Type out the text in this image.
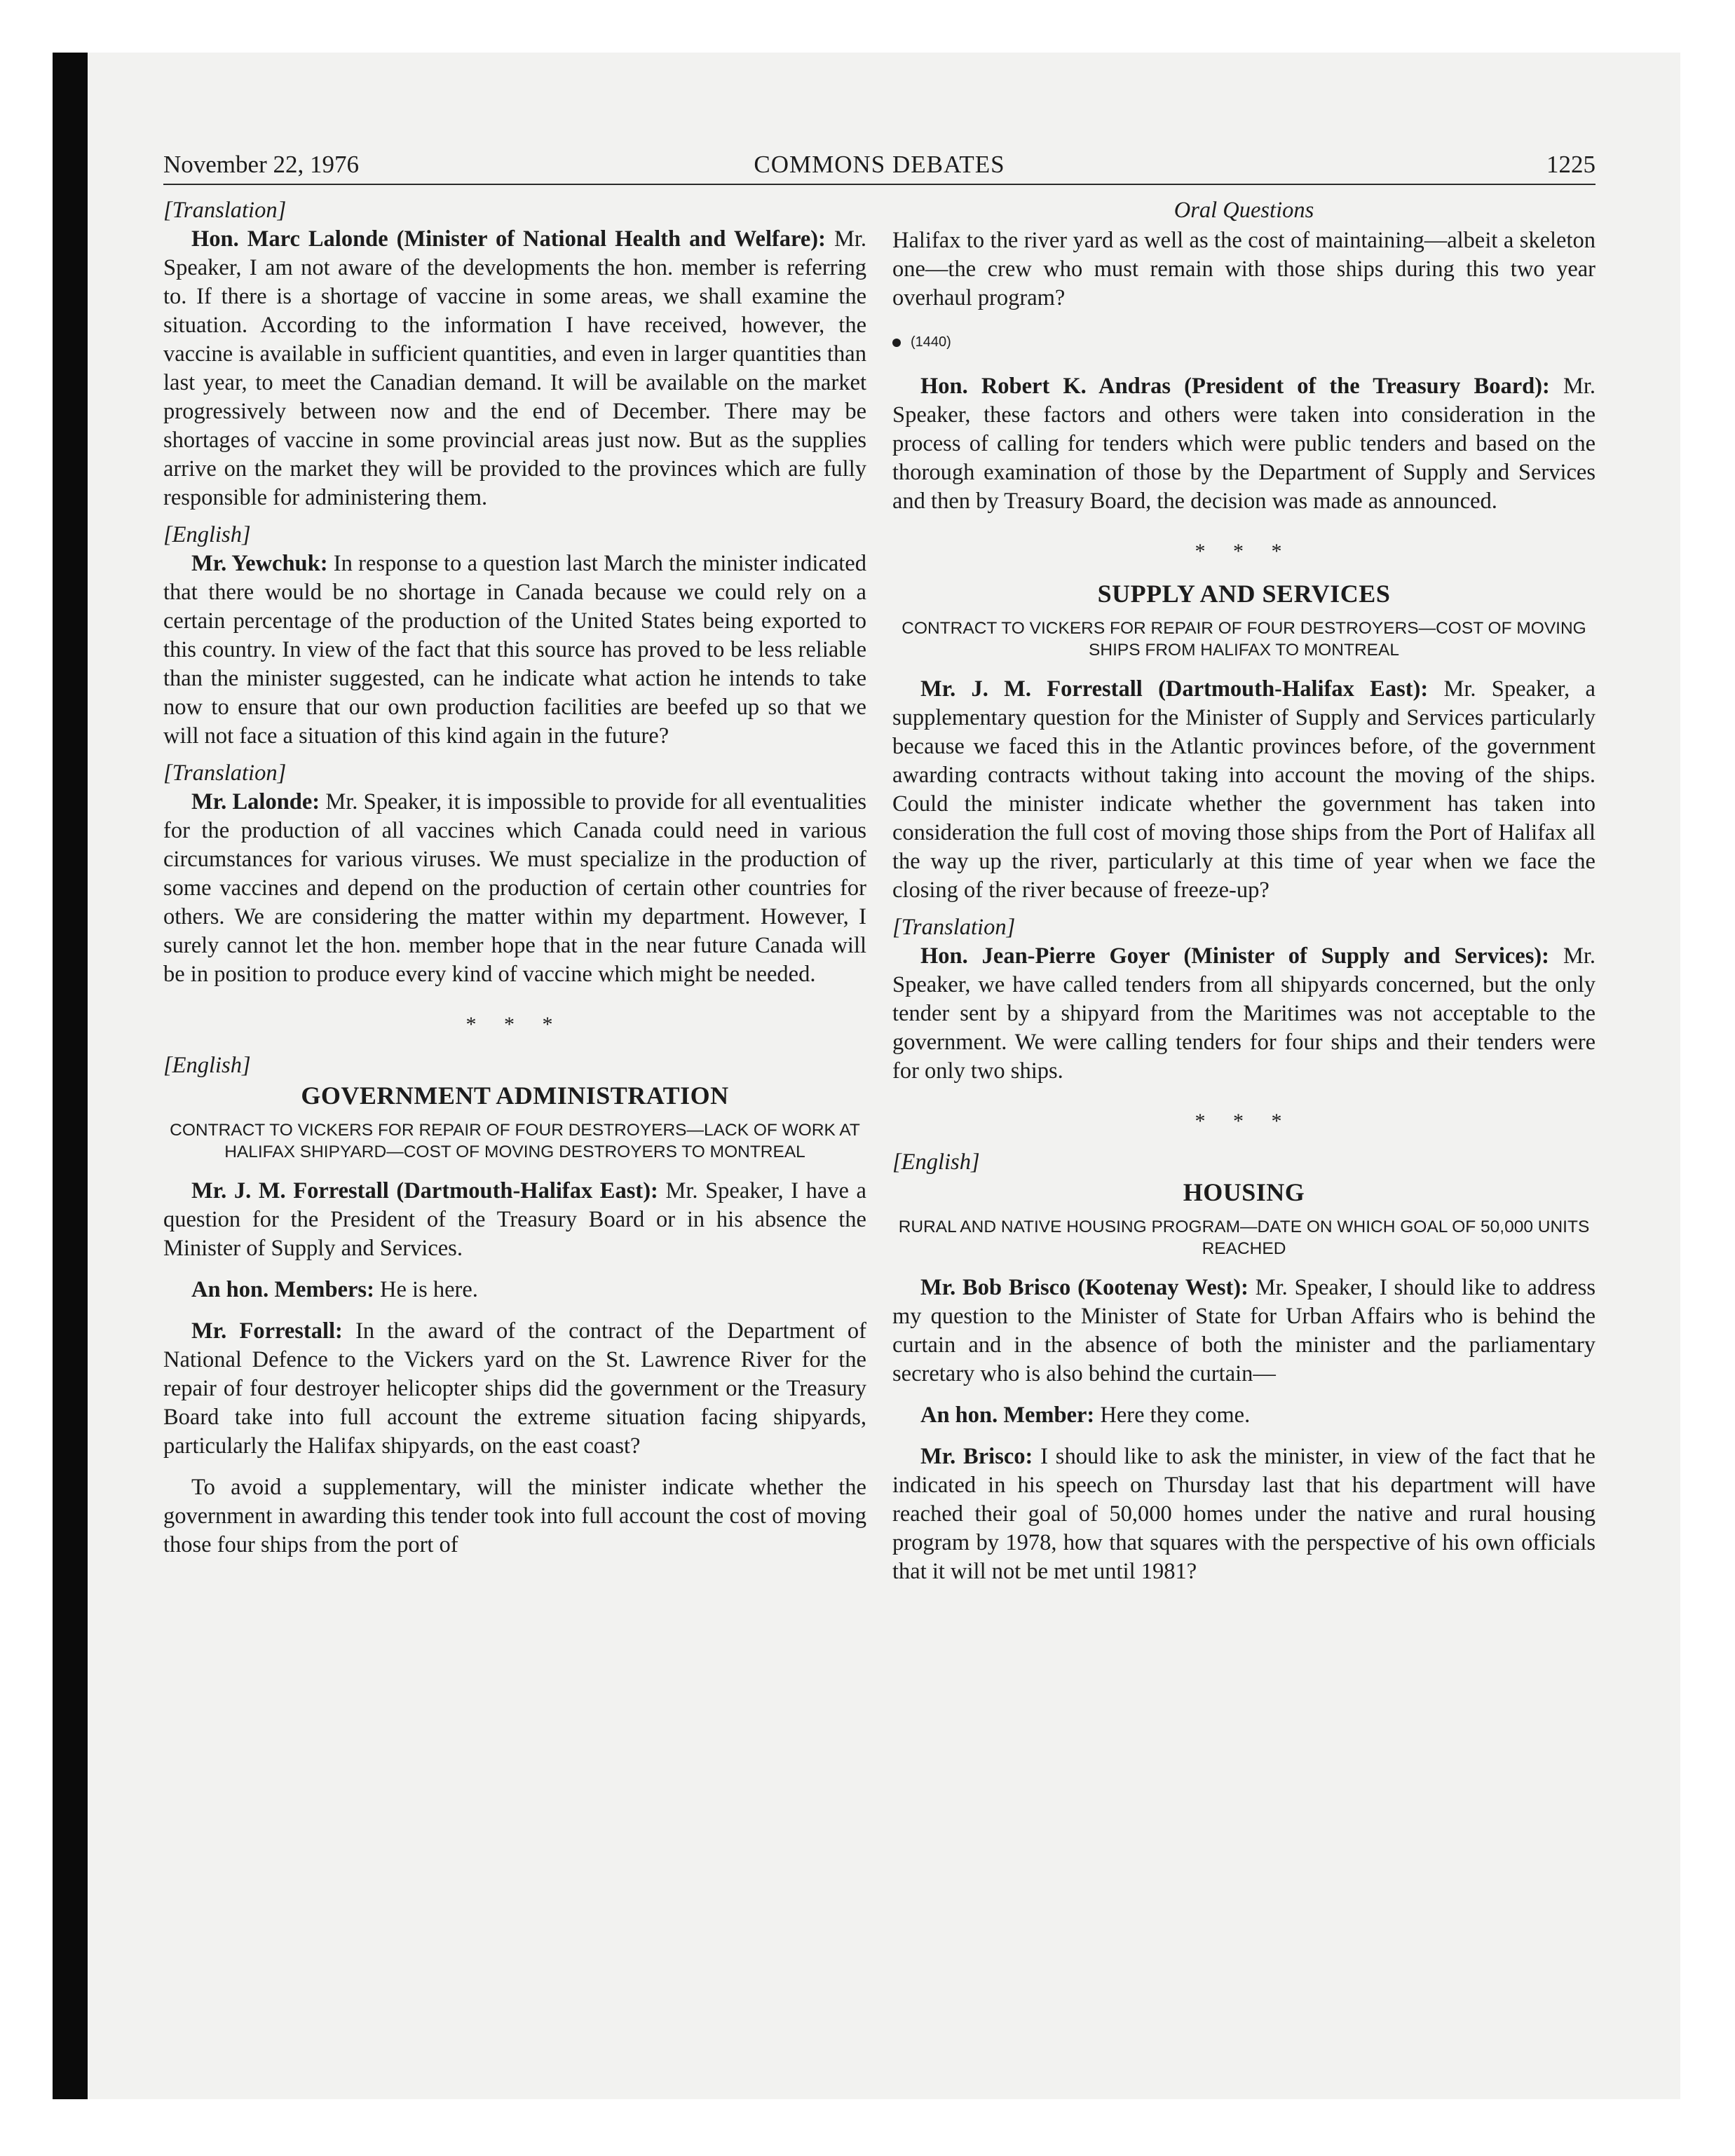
November 22, 1976	COMMONS DEBATES	1225
[Translation]

Hon. Marc Lalonde (Minister of National Health and Welfare): Mr. Speaker, I am not aware of the developments the hon. member is referring to. If there is a shortage of vaccine in some areas, we shall examine the situation. According to the information I have received, however, the vaccine is available in sufficient quantities, and even in larger quantities than last year, to meet the Canadian demand. It will be available on the market progressively between now and the end of December. There may be shortages of vaccine in some provincial areas just now. But as the supplies arrive on the market they will be provided to the provinces which are fully responsible for administering them.

[English]

Mr. Yewchuk: In response to a question last March the minister indicated that there would be no shortage in Canada because we could rely on a certain percentage of the production of the United States being exported to this country. In view of the fact that this source has proved to be less reliable than the minister suggested, can he indicate what action he intends to take now to ensure that our own production facilities are beefed up so that we will not face a situation of this kind again in the future?

[Translation]

Mr. Lalonde: Mr. Speaker, it is impossible to provide for all eventualities for the production of all vaccines which Canada could need in various circumstances for various viruses. We must specialize in the production of some vaccines and depend on the production of certain other countries for others. We are considering the matter within my department. However, I surely cannot let the hon. member hope that in the near future Canada will be in position to produce every kind of vaccine which might be needed.

* * *
[English]
GOVERNMENT ADMINISTRATION
CONTRACT TO VICKERS FOR REPAIR OF FOUR DESTROYERS—LACK OF WORK AT HALIFAX SHIPYARD—COST OF MOVING DESTROYERS TO MONTREAL

Mr. J. M. Forrestall (Dartmouth-Halifax East): Mr. Speaker, I have a question for the President of the Treasury Board or in his absence the Minister of Supply and Services.

An hon. Members: He is here.

Mr. Forrestall: In the award of the contract of the Department of National Defence to the Vickers yard on the St. Lawrence River for the repair of four destroyer helicopter ships did the government or the Treasury Board take into full account the extreme situation facing shipyards, particularly the Halifax shipyards, on the east coast?

To avoid a supplementary, will the minister indicate whether the government in awarding this tender took into full account the cost of moving those four ships from the port of

Oral Questions

Halifax to the river yard as well as the cost of maintaining—albeit a skeleton one—the crew who must remain with those ships during this two year overhaul program?

(1440)

Hon. Robert K. Andras (President of the Treasury Board): Mr. Speaker, these factors and others were taken into consideration in the process of calling for tenders which were public tenders and based on the thorough examination of those by the Department of Supply and Services and then by Treasury Board, the decision was made as announced.

* * *
SUPPLY AND SERVICES
CONTRACT TO VICKERS FOR REPAIR OF FOUR DESTROYERS—COST OF MOVING SHIPS FROM HALIFAX TO MONTREAL

Mr. J. M. Forrestall (Dartmouth-Halifax East): Mr. Speaker, a supplementary question for the Minister of Supply and Services particularly because we faced this in the Atlantic provinces before, of the government awarding contracts without taking into account the moving of the ships. Could the minister indicate whether the government has taken into consideration the full cost of moving those ships from the Port of Halifax all the way up the river, particularly at this time of year when we face the closing of the river because of freeze-up?

[Translation]

Hon. Jean-Pierre Goyer (Minister of Supply and Services): Mr. Speaker, we have called tenders from all shipyards concerned, but the only tender sent by a shipyard from the Maritimes was not acceptable to the government. We were calling tenders for four ships and their tenders were for only two ships.

* * *
[English]
HOUSING
RURAL AND NATIVE HOUSING PROGRAM—DATE ON WHICH GOAL OF 50,000 UNITS REACHED

Mr. Bob Brisco (Kootenay West): Mr. Speaker, I should like to address my question to the Minister of State for Urban Affairs who is behind the curtain and in the absence of both the minister and the parliamentary secretary who is also behind the curtain—

An hon. Member: Here they come.

Mr. Brisco: I should like to ask the minister, in view of the fact that he indicated in his speech on Thursday last that his department will have reached their goal of 50,000 homes under the native and rural housing program by 1978, how that squares with the perspective of his own officials that it will not be met until 1981?
